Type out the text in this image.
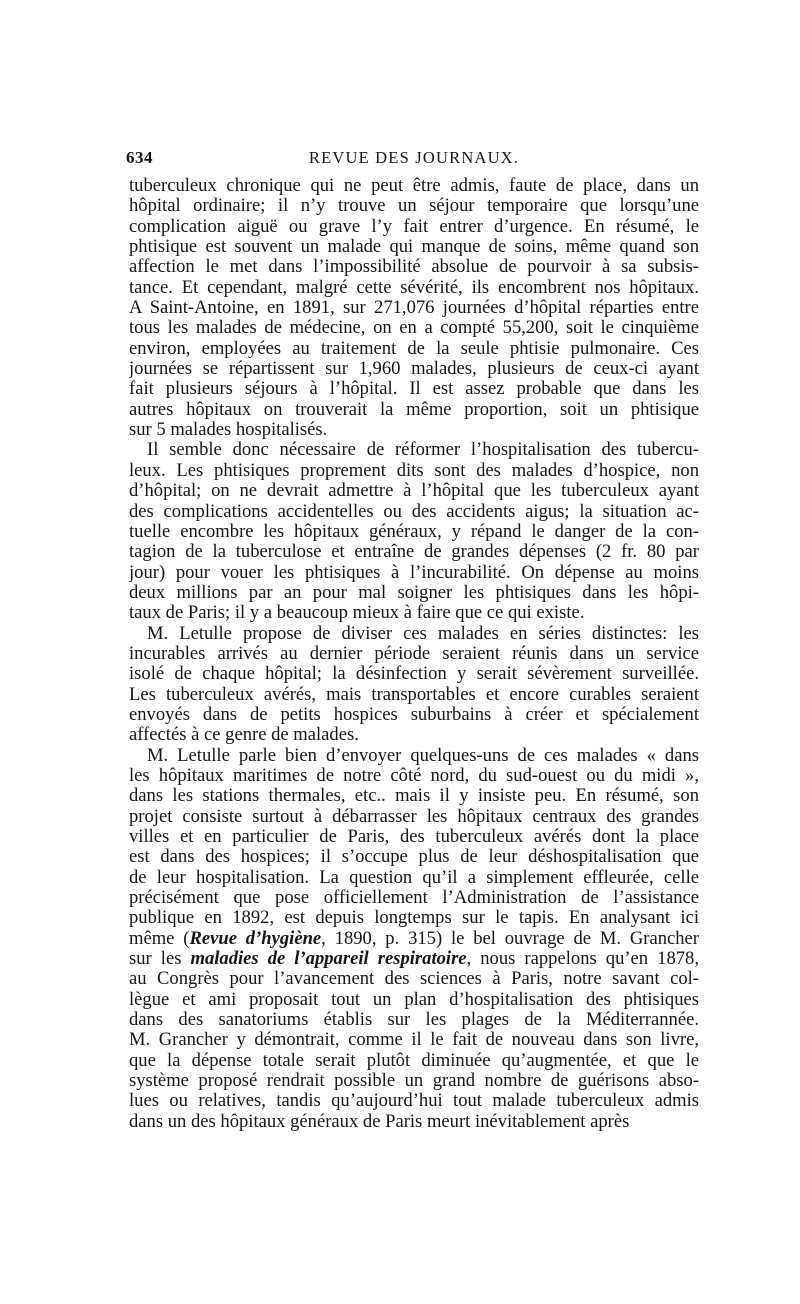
634	REVUE DES JOURNAUX.

tuberculeux chronique qui ne peut être admis, faute de place, dans un
hôpital ordinaire; il n’y trouve un séjour temporaire que lorsqu’une
complication aiguë ou grave l’y fait entrer d’urgence. En résumé, le
phtisique est souvent un malade qui manque de soins, même quand son
affection le met dans l’impossibilité absolue de pourvoir à sa subsis-
tance. Et cependant, malgré cette sévérité, ils encombrent nos hôpitaux.
A Saint-Antoine, en 1891, sur 271,076 journées d’hôpital réparties entre
tous les malades de médecine, on en a compté 55,200, soit le cinquième
environ, employées au traitement de la seule phtisie pulmonaire. Ces
journées se répartissent sur 1,960 malades, plusieurs de ceux-ci ayant
fait plusieurs séjours à l’hôpital. Il est assez probable que dans les
autres hôpitaux on trouverait la même proportion, soit un phtisique
sur 5 malades hospitalisés.

Il semble donc nécessaire de réformer l’hospitalisation des tubercu-
leux. Les phtisiques proprement dits sont des malades d’hospice, non
d’hôpital; on ne devrait admettre à l’hôpital que les tuberculeux ayant
des complications accidentelles ou des accidents aigus; la situation ac-
tuelle encombre les hôpitaux généraux, y répand le danger de la con-
tagion de la tuberculose et entraîne de grandes dépenses (2 fr. 80 par
jour) pour vouer les phtisiques à l’incurabilité. On dépense au moins
deux millions par an pour mal soigner les phtisiques dans les hôpi-
taux de Paris; il y a beaucoup mieux à faire que ce qui existe.

M. Letulle propose de diviser ces malades en séries distinctes: les
incurables arrivés au dernier période seraient réunis dans un service
isolé de chaque hôpital; la désinfection y serait sévèrement surveillée.
Les tuberculeux avérés, mais transportables et encore curables seraient
envoyés dans de petits hospices suburbains à créer et spécialement
affectés à ce genre de malades.

M. Letulle parle bien d’envoyer quelques-uns de ces malades « dans
les hôpitaux maritimes de notre côté nord, du sud-ouest ou du midi »,
dans les stations thermales, etc.. mais il y insiste peu. En résumé, son
projet consiste surtout à débarrasser les hôpitaux centraux des grandes
villes et en particulier de Paris, des tuberculeux avérés dont la place
est dans des hospices; il s’occupe plus de leur déshospitalisation que
de leur hospitalisation. La question qu’il a simplement effleurée, celle
précisément que pose officiellement l’Administration de l’assistance
publique en 1892, est depuis longtemps sur le tapis. En analysant ici
même (Revue d’hygiène, 1890, p. 315) le bel ouvrage de M. Grancher
sur les maladies de l’appareil respiratoire, nous rappelons qu’en 1878,
au Congrès pour l’avancement des sciences à Paris, notre savant col-
lègue et ami proposait tout un plan d’hospitalisation des phtisiques
dans des sanatoriums établis sur les plages de la Méditerrannée.
M. Grancher y démontrait, comme il le fait de nouveau dans son livre,
que la dépense totale serait plutôt diminuée qu’augmentée, et que le
système proposé rendrait possible un grand nombre de guérisons abso-
lues ou relatives, tandis qu’aujourd’hui tout malade tuberculeux admis
dans un des hôpitaux généraux de Paris meurt inévitablement après
